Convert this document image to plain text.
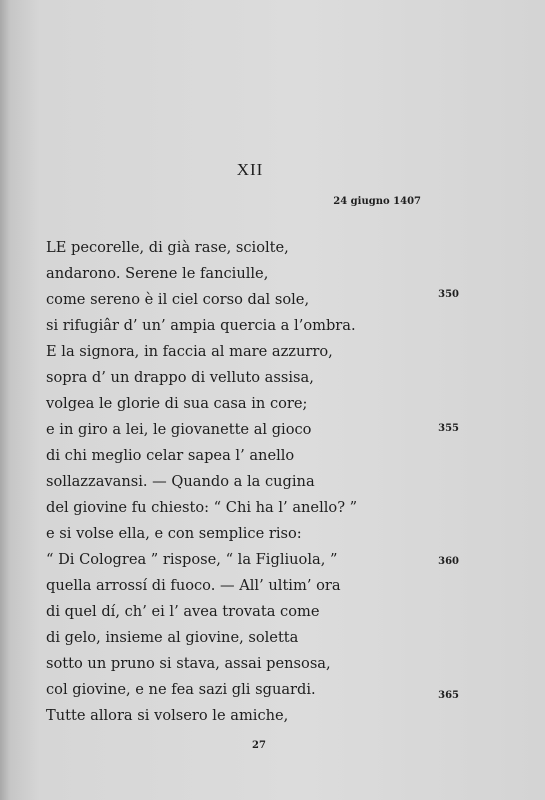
XII
24 giugno 1407
LE pecorelle, di già rase, sciolte,
andarono. Serene le fanciulle,
come sereno è il ciel corso dal sole,
si rifugiâr d’ un’ ampia quercia a l’ombra.
E la signora, in faccia al mare azzurro,
sopra d’ un drappo di velluto assisa,
volgea le glorie di sua casa in core;
e in giro a lei, le giovanette al gioco
di chi meglio celar sapea l’ anello
sollazzavansi. — Quando a la cugina
del giovine fu chiesto: “ Chi ha l’ anello? ”
e si volse ella, e con semplice riso:
“ Di Cologrea ” rispose, “ la Figliuola, ”
quella arrossí di fuoco. — All’ ultim’ ora
di quel dí, ch’ ei l’ avea trovata come
di gelo, insieme al giovine, soletta
sotto un pruno si stava, assai pensosa,
col giovine, e ne fea sazi gli sguardi.
Tutte allora si volsero le amiche,
350
355
360
365
27
